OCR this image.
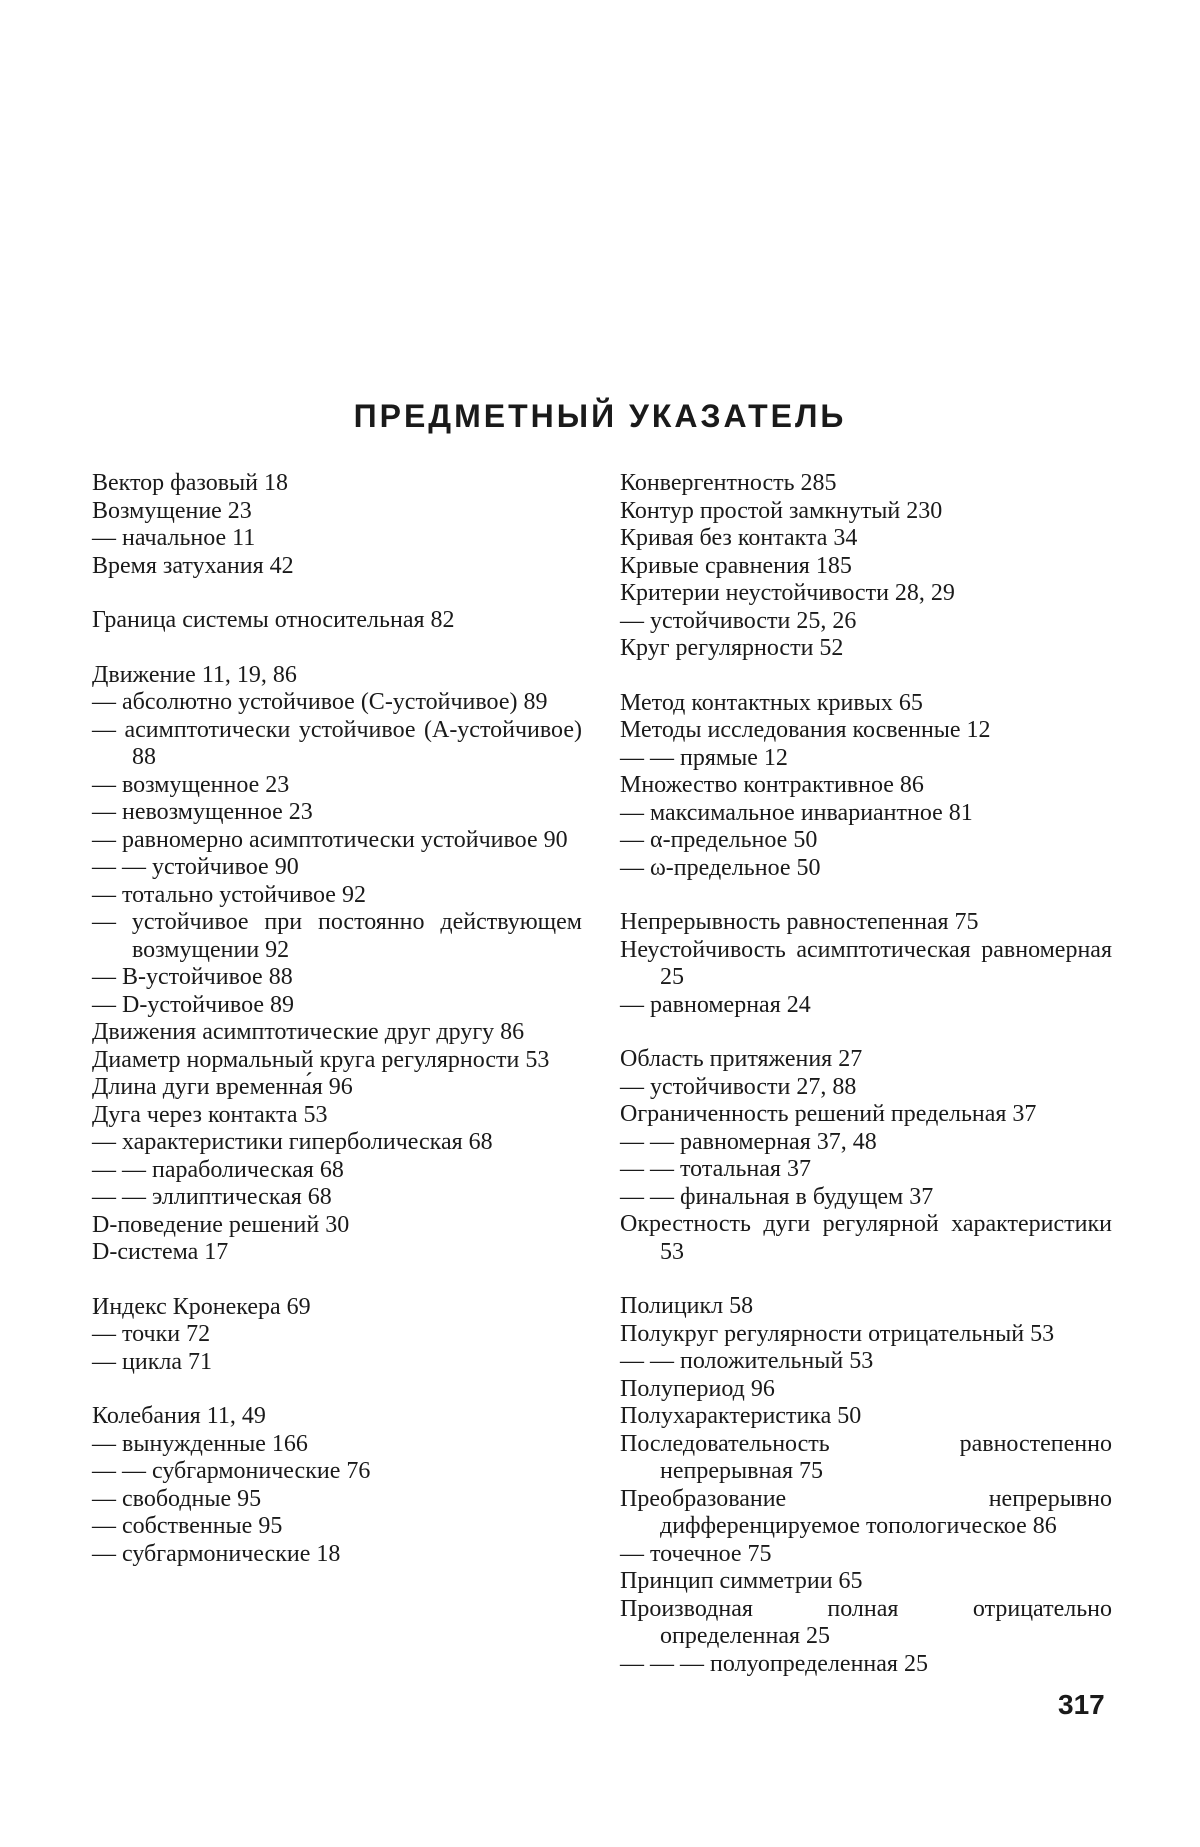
ПРЕДМЕТНЫЙ УКАЗАТЕЛЬ
Вектор фазовый 18
Возмущение 23
— начальное 11
Время затухания 42
Граница системы относительная 82
Движение 11, 19, 86
— абсолютно устойчивое (С-устойчивое) 89
— асимптотически устойчивое (А-устойчивое) 88
— возмущенное 23
— невозмущенное 23
— равномерно асимптотически устойчивое 90
— — устойчивое 90
— тотально устойчивое 92
— устойчивое при постоянно действующем возмущении 92
— В-устойчивое 88
— D-устойчивое 89
Движения асимптотические друг другу 86
Диаметр нормальный круга регулярности 53
Длина дуги временна́я 96
Дуга через контакта 53
— характеристики гиперболическая 68
— — параболическая 68
— — эллиптическая 68
D-поведение решений 30
D-система 17
Индекс Кронекера 69
— точки 72
— цикла 71
Колебания 11, 49
— вынужденные 166
— — субгармонические 76
— свободные 95
— собственные 95
— субгармонические 18
Конвергентность 285
Контур простой замкнутый 230
Кривая без контакта 34
Кривые сравнения 185
Критерии неустойчивости 28, 29
— устойчивости 25, 26
Круг регулярности 52
Метод контактных кривых 65
Методы исследования косвенные 12
— — прямые 12
Множество контрактивное 86
— максимальное инвариантное 81
— α-предельное 50
— ω-предельное 50
Непрерывность равностепенная 75
Неустойчивость асимптотическая равномерная 25
— равномерная 24
Область притяжения 27
— устойчивости 27, 88
Ограниченность решений предельная 37
— — равномерная 37, 48
— — тотальная 37
— — финальная в будущем 37
Окрестность дуги регулярной характеристики 53
Полицикл 58
Полукруг регулярности отрицательный 53
— — положительный 53
Полупериод 96
Полухарактеристика 50
Последовательность равностепенно непрерывная 75
Преобразование непрерывно дифференцируемое топологическое 86
— точечное 75
Принцип симметрии 65
Производная полная отрицательно определенная 25
— — — полуопределенная 25
317
